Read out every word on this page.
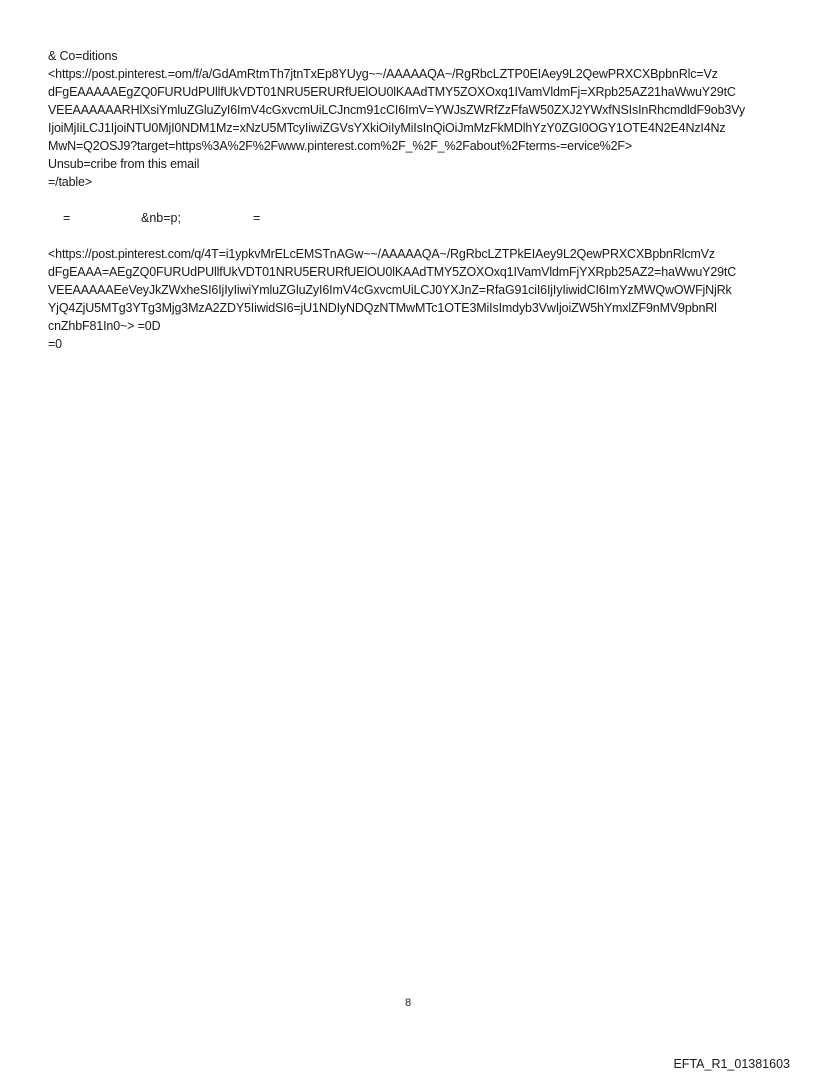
& Co=ditions
<https://post.pinterest.=om/f/a/GdAmRtmTh7jtnTxEp8YUyg~~/AAAAAQA~/RgRbcLZTP0EIAey9L2QewPRXCXBpbnRlc=Vz
dFgEAAAAAEgZQ0FURUdPUllfUkVDT01NRU5ERURfUElOU0lKAAdTMY5ZOXOxq1IVamVldmFj=XRpb25AZ21haWwuY29tC
VEEAAAAAARHlXsiYmluZGluZyI6ImV4cGxvcmUiLCJncm91cCI6ImV=YWJsZWRfZzFfaW50ZXJ2YWxfNSIsInRhcmdldF9ob3Vy
IjoiMjIiLCJ1IjoiNTU0MjI0NDM1Mz=xNzU5MTcyIiwiZGVsYXkiOiIyMiIsInQiOiJmMzFkMDlhYzY0ZGI0OGY1OTE4N2E4NzI4Nz
MwN=Q2OSJ9?target=https%3A%2F%2Fwww.pinterest.com%2F_%2F_%2Fabout%2Fterms-=ervice%2F>
Unsub=cribe from this email
=/table>
=	&nb=p;	=
<https://post.pinterest.com/q/4T=i1ypkvMrELcEMSTnAGw~~/AAAAAQA~/RgRbcLZTPkEIAey9L2QewPRXCXBpbnRlcmVz
dFgEAAA=AEgZQ0FURUdPUllfUkVDT01NRU5ERURfUElOU0lKAAdTMY5ZOXOxq1IVamVldmFjYXRpb25AZ2=haWwuY29tC
VEEAAAAAEeVeyJkZWxheSI6IjIyIiwiYmluZGluZyI6ImV4cGxvcmUiLCJ0YXJnZ=RfaG91ciI6IjIyIiwidCI6ImYzMWQwOWFjNjRk
YjQ4ZjU5MTg3YTg3Mjg3MzA2ZDY5IiwidSI6=jU1NDIyNDQzNTMwMTc1OTE3MiIsImdyb3VwIjoiZW5hYmxlZF9nMV9pbnRl
cnZhbF81In0~> =0D
=0
8
EFTA_R1_01381603
